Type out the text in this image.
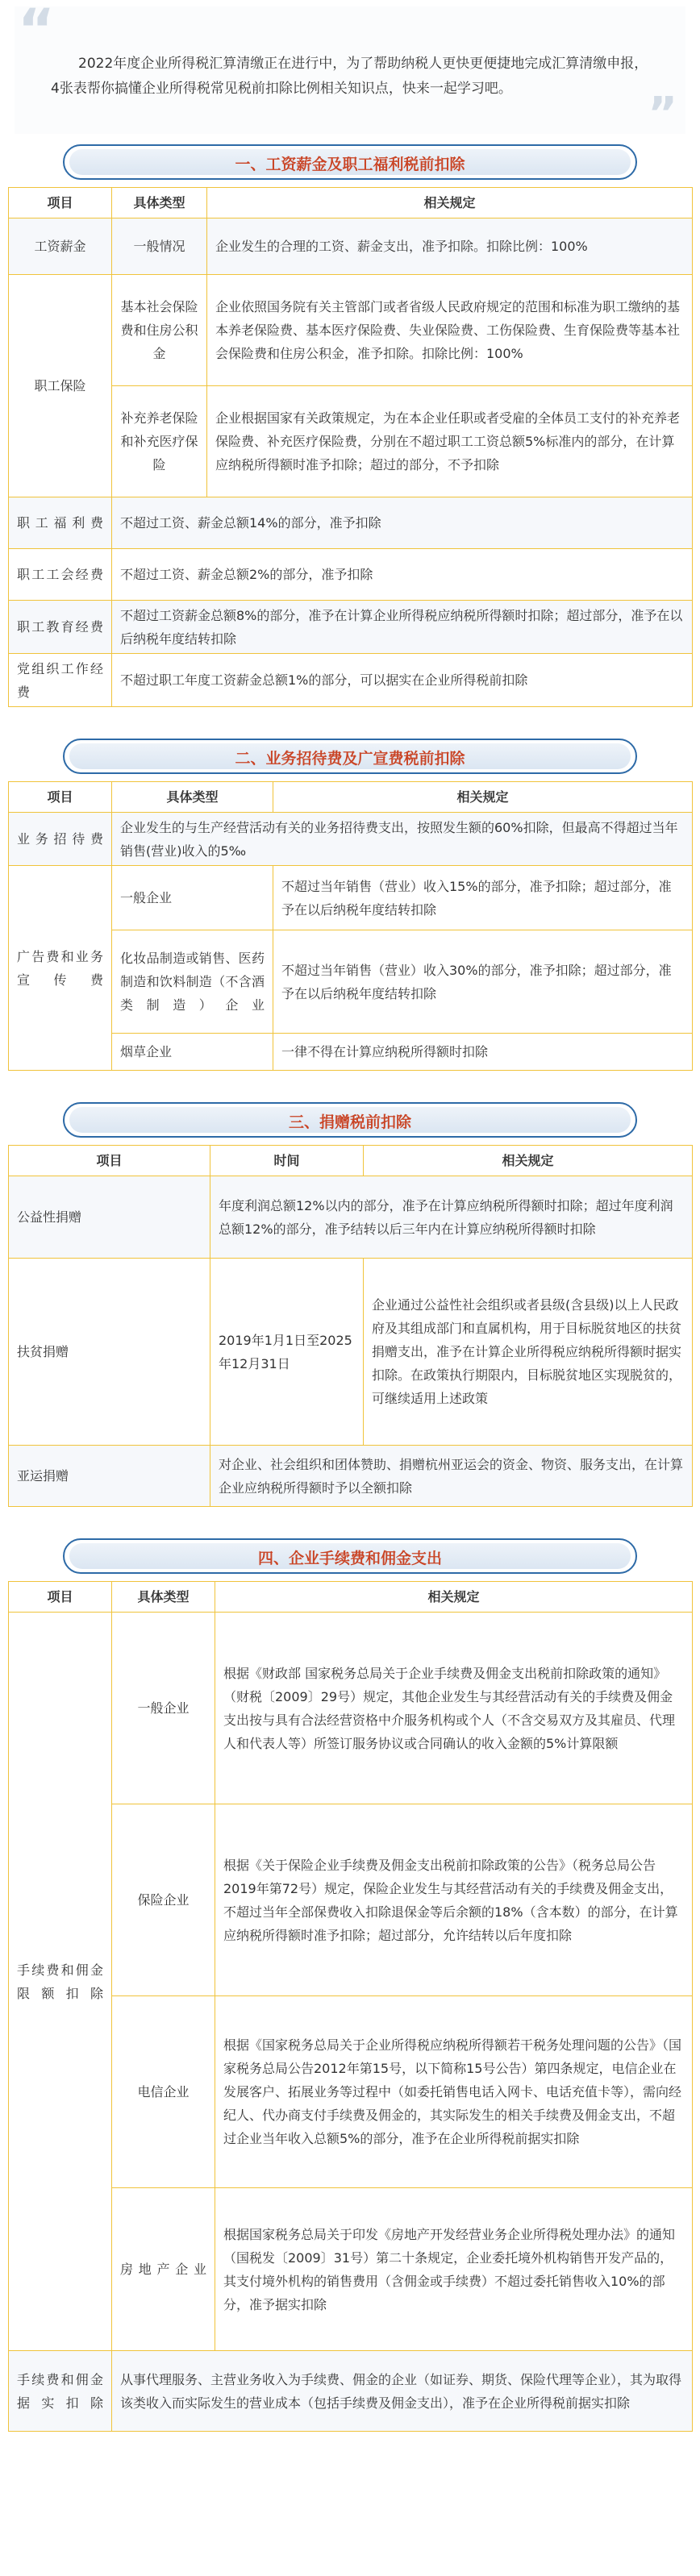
“

2022年度企业所得税汇算清缴正在进行中，为了帮助纳税人更快更便捷地完成汇算清缴申报，4张表帮你搞懂企业所得税常见税前扣除比例相关知识点，快来一起学习吧。	”
一、工资薪金及职工福利税前扣除
项目	具体类型	相关规定
工资薪金	一般情况	企业发生的合理的工资、薪金支出，准予扣除。扣除比例：100%
职工保险	基本社会保险费和住房公积金	企业依照国务院有关主管部门或者省级人民政府规定的范围和标准为职工缴纳的基本养老保险费、基本医疗保险费、失业保险费、工伤保险费、生育保险费等基本社会保险费和住房公积金，准予扣除。扣除比例：100%
	补充养老保险和补充医疗保险	企业根据国家有关政策规定，为在本企业任职或者受雇的全体员工支付的补充养老保险费、补充医疗保险费，分别在不超过职工工资总额5%标准内的部分，在计算应纳税所得额时准予扣除；超过的部分，不予扣除
职工福利费	不超过工资、薪金总额14%的部分，准予扣除	
职工工会经费	不超过工资、薪金总额2%的部分，准予扣除	
职工教育经费	不超过工资薪金总额8%的部分，准予在计算企业所得税应纳税所得额时扣除；超过部分，准予在以后纳税年度结转扣除	
党组织工作经费	不超过职工年度工资薪金总额1%的部分，可以据实在企业所得税前扣除	
二、业务招待费及广宣费税前扣除
项目	具体类型	相关规定
业务招待费	企业发生的与生产经营活动有关的业务招待费支出，按照发生额的60%扣除，但最高不得超过当年销售(营业)收入的5‰	
广告费和业务宣传费	一般企业	不超过当年销售（营业）收入15%的部分，准予扣除；超过部分，准予在以后纳税年度结转扣除
	化妆品制造或销售、医药制造和饮料制造（不含酒类制造）企业	不超过当年销售（营业）收入30%的部分，准予扣除；超过部分，准予在以后纳税年度结转扣除
	烟草企业	一律不得在计算应纳税所得额时扣除
三、捐赠税前扣除
项目	时间	相关规定
公益性捐赠	年度利润总额12%以内的部分，准予在计算应纳税所得额时扣除；超过年度利润总额12%的部分，准予结转以后三年内在计算应纳税所得额时扣除	
扶贫捐赠	2019年1月1日至2025年12月31日	企业通过公益性社会组织或者县级(含县级)以上人民政府及其组成部门和直属机构，用于目标脱贫地区的扶贫捐赠支出，准予在计算企业所得税应纳税所得额时据实扣除。在政策执行期限内，目标脱贫地区实现脱贫的，可继续适用上述政策
亚运捐赠	对企业、社会组织和团体赞助、捐赠杭州亚运会的资金、物资、服务支出，在计算企业应纳税所得额时予以全额扣除	
四、企业手续费和佣金支出
项目	具体类型	相关规定
手续费和佣金限额扣除	一般企业	根据《财政部 国家税务总局关于企业手续费及佣金支出税前扣除政策的通知》（财税〔2009〕29号）规定，其他企业发生与其经营活动有关的手续费及佣金支出按与具有合法经营资格中介服务机构或个人（不含交易双方及其雇员、代理人和代表人等）所签订服务协议或合同确认的收入金额的5%计算限额
	保险企业	根据《关于保险企业手续费及佣金支出税前扣除政策的公告》（税务总局公告2019年第72号）规定，保险企业发生与其经营活动有关的手续费及佣金支出，不超过当年全部保费收入扣除退保金等后余额的18%（含本数）的部分，在计算应纳税所得额时准予扣除；超过部分，允许结转以后年度扣除
	电信企业	根据《国家税务总局关于企业所得税应纳税所得额若干税务处理问题的公告》（国家税务总局公告2012年第15号，以下简称15号公告）第四条规定，电信企业在发展客户、拓展业务等过程中（如委托销售电话入网卡、电话充值卡等），需向经纪人、代办商支付手续费及佣金的，其实际发生的相关手续费及佣金支出，不超过企业当年收入总额5%的部分，准予在企业所得税前据实扣除
	房地产企业	根据国家税务总局关于印发《房地产开发经营业务企业所得税处理办法》的通知（国税发〔2009〕31号）第二十条规定，企业委托境外机构销售开发产品的，其支付境外机构的销售费用（含佣金或手续费）不超过委托销售收入10%的部分，准予据实扣除
手续费和佣金据实扣除	从事代理服务、主营业务收入为手续费、佣金的企业（如证券、期货、保险代理等企业），其为取得该类收入而实际发生的营业成本（包括手续费及佣金支出），准予在企业所得税前据实扣除	
